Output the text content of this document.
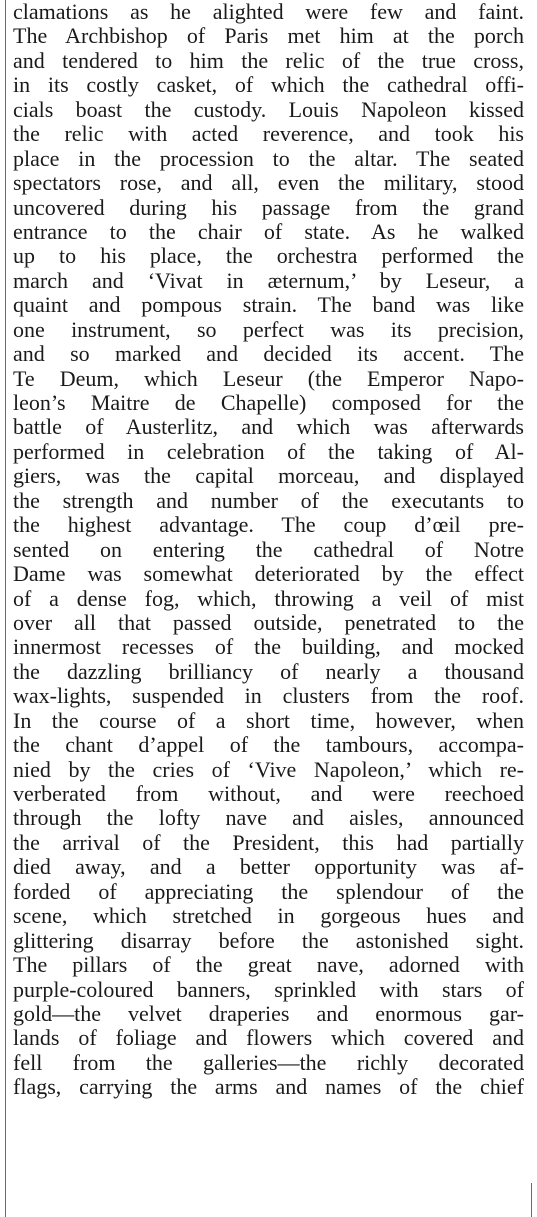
clamations as he alighted were few and faint.
The Archbishop of Paris met him at the porch
and tendered to him the relic of the true cross,
in its costly casket, of which the cathedral offi-
cials boast the custody. Louis Napoleon kissed
the relic with acted reverence, and took his
place in the procession to the altar. The seated
spectators rose, and all, even the military, stood
uncovered during his passage from the grand
entrance to the chair of state. As he walked
up to his place, the orchestra performed the
march and ‘Vivat in æternum,’ by Leseur, a
quaint and pompous strain. The band was like
one instrument, so perfect was its precision,
and so marked and decided its accent. The
Te Deum, which Leseur (the Emperor Napo-
leon’s Maitre de Chapelle) composed for the
battle of Austerlitz, and which was afterwards
performed in celebration of the taking of Al-
giers, was the capital morceau, and displayed
the strength and number of the executants to
the highest advantage. The coup d’œil pre-
sented on entering the cathedral of Notre
Dame was somewhat deteriorated by the effect
of a dense fog, which, throwing a veil of mist
over all that passed outside, penetrated to the
innermost recesses of the building, and mocked
the dazzling brilliancy of nearly a thousand
wax-lights, suspended in clusters from the roof.
In the course of a short time, however, when
the chant d’appel of the tambours, accompa-
nied by the cries of ‘Vive Napoleon,’ which re-
verberated from without, and were reechoed
through the lofty nave and aisles, announced
the arrival of the President, this had partially
died away, and a better opportunity was af-
forded of appreciating the splendour of the
scene, which stretched in gorgeous hues and
glittering disarray before the astonished sight.
The pillars of the great nave, adorned with
purple-coloured banners, sprinkled with stars of
gold—the velvet draperies and enormous gar-
lands of foliage and flowers which covered and
fell from the galleries—the richly decorated
flags, carrying the arms and names of the chief
